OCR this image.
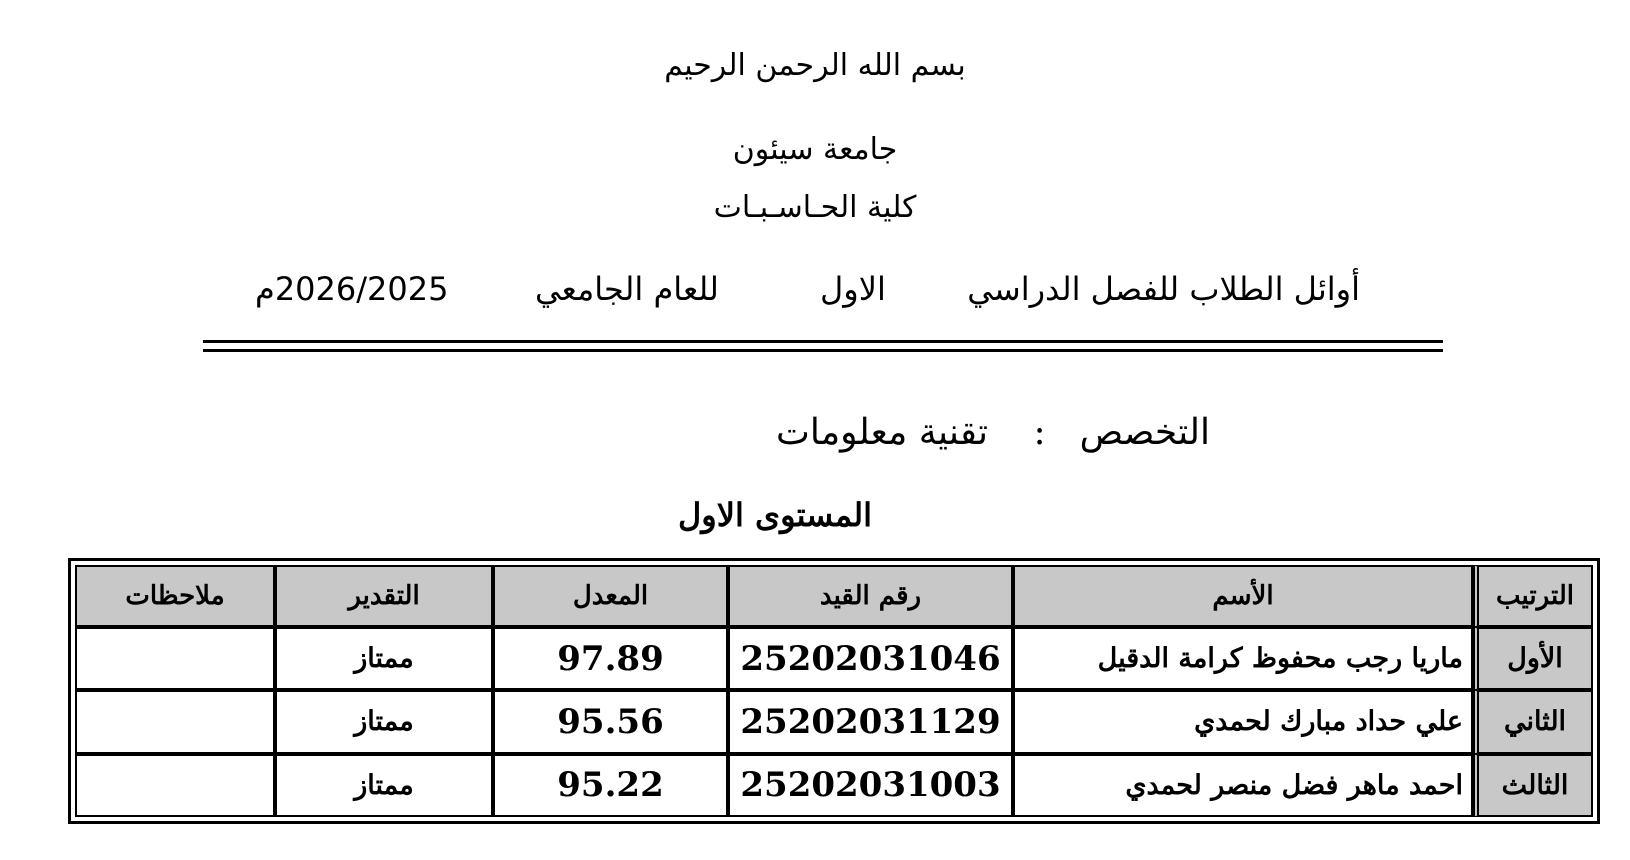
بسم الله الرحمن الرحيم
جامعة سيئون
كلية الحـاسـبـات
أوائل الطلاب للفصل الدراسي
الاول
للعام الجامعي
2026/2025م
التخصص: تقنية معلومات
المستوى الاول
الترتيب	الأسم	رقم القيد	المعدل	التقدير	ملاحظات
الأول	ماريا رجب محفوظ كرامة الدقيل	25202031046	97.89	ممتاز	
الثاني	علي حداد مبارك لحمدي	25202031129	95.56	ممتاز	
الثالث	احمد ماهر فضل منصر لحمدي	25202031003	95.22	ممتاز	
